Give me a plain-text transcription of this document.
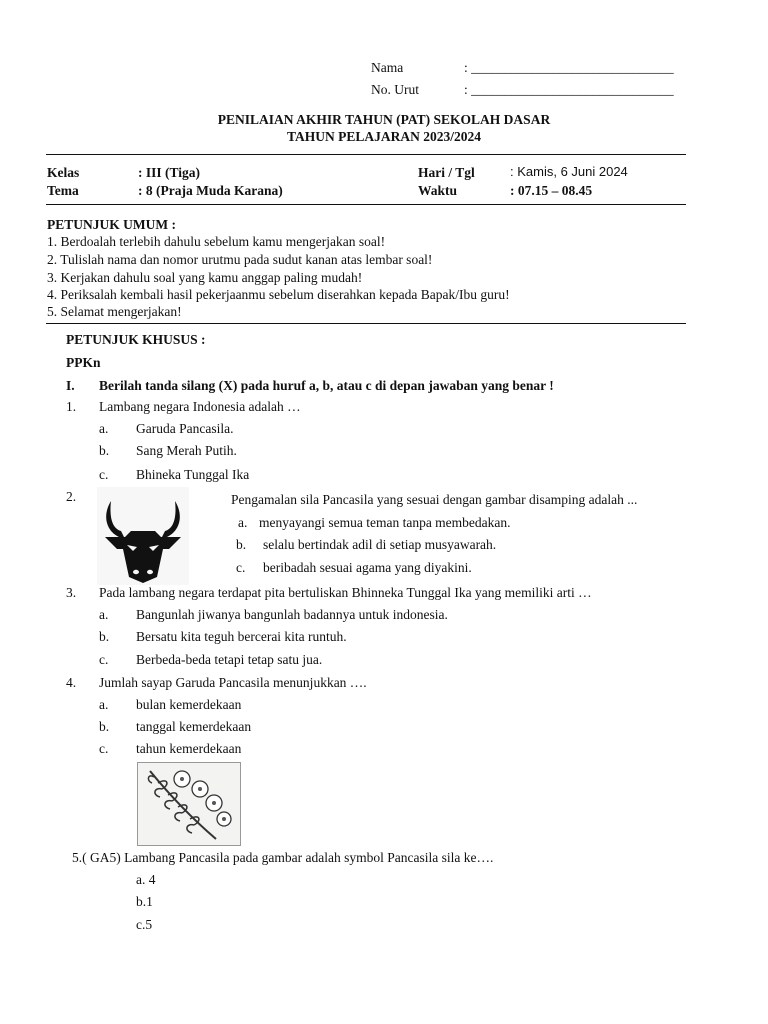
Nama	: ______________________________
No. Urut	: ______________________________
PENILAIAN AKHIR TAHUN (PAT) SEKOLAH DASAR
TAHUN PELAJARAN 2023/2024
Kelas	: III (Tiga)
Tema	: 8 (Praja Muda Karana)
Hari / Tgl	: Kamis, 6 Juni 2024
Waktu	: 07.15 – 08.45
PETUNJUK UMUM :
1. Berdoalah terlebih dahulu sebelum kamu mengerjakan soal!
2. Tulislah nama dan nomor urutmu pada sudut kanan atas lembar soal!
3. Kerjakan dahulu soal yang kamu anggap paling mudah!
4. Periksalah kembali hasil pekerjaanmu sebelum diserahkan kepada Bapak/Ibu guru!
5. Selamat mengerjakan!
PETUNJUK KHUSUS :
PPKn
I. Berilah tanda silang (X) pada huruf a, b, atau c di depan jawaban yang benar !
1. Lambang negara Indonesia adalah …
a. Garuda Pancasila.
b. Sang Merah Putih.
c. Bhineka Tunggal Ika
2.	Pengamalan sila Pancasila yang sesuai dengan gambar disamping adalah ...
a. menyayangi semua teman tanpa membedakan.
b. selalu bertindak adil di setiap musyawarah.
c. beribadah sesuai agama yang diyakini.
3. Pada lambang negara terdapat pita bertuliskan Bhinneka Tunggal Ika yang memiliki arti …
a. Bangunlah jiwanya bangunlah badannya untuk indonesia.
b. Bersatu kita teguh bercerai kita runtuh.
c. Berbeda-beda tetapi tetap satu jua.
4. Jumlah sayap Garuda Pancasila menunjukkan ….
a. bulan kemerdekaan
b. tanggal kemerdekaan
c. tahun kemerdekaan
5.( GA5) Lambang Pancasila pada gambar adalah symbol Pancasila sila ke….
a. 4
b.1
c.5
